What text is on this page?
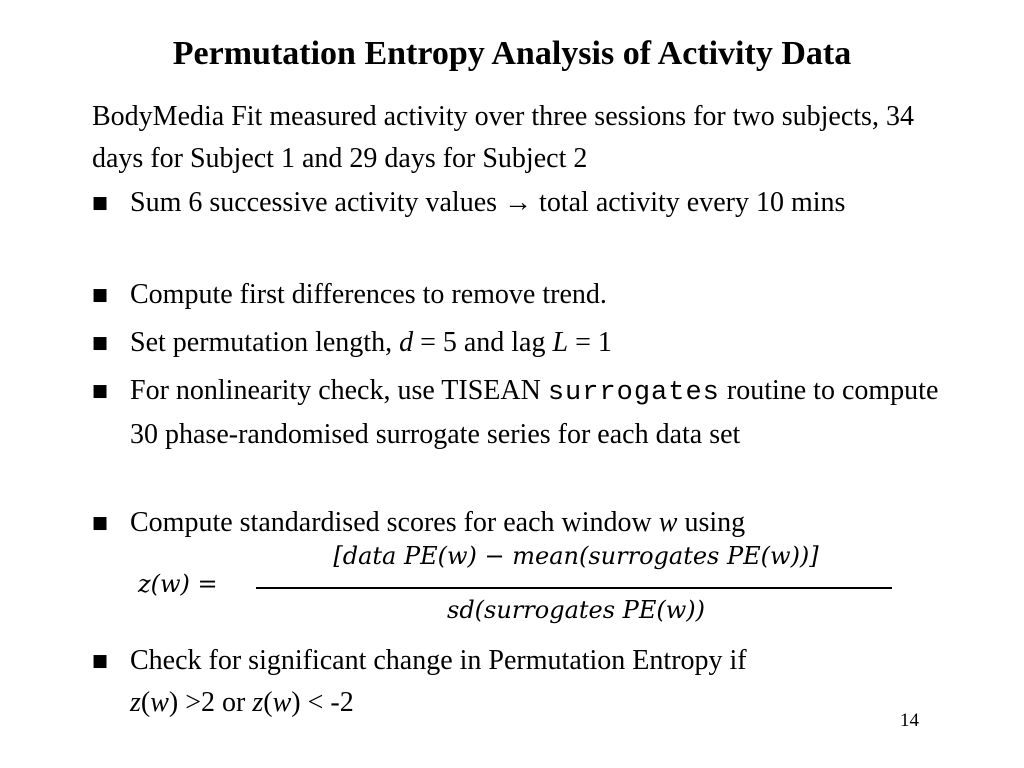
Permutation Entropy Analysis of Activity Data
BodyMedia Fit measured activity over three sessions for two subjects, 34 days for Subject 1 and 29 days for Subject 2
■ Sum 6 successive activity values → total activity every 10 mins
■ Compute first differences to remove trend.
■ Set permutation length, d = 5 and lag L = 1
■ For nonlinearity check, use TISEAN surrogates routine to compute 30 phase-randomised surrogate series for each data set
■ Compute standardised scores for each window w using
z(w) =
[data PE(w) − mean(surrogates PE(w))]
sd(surrogates PE(w))
■ Check for significant change in Permutation Entropy if
z(w) >2 or z(w) < -2
14
